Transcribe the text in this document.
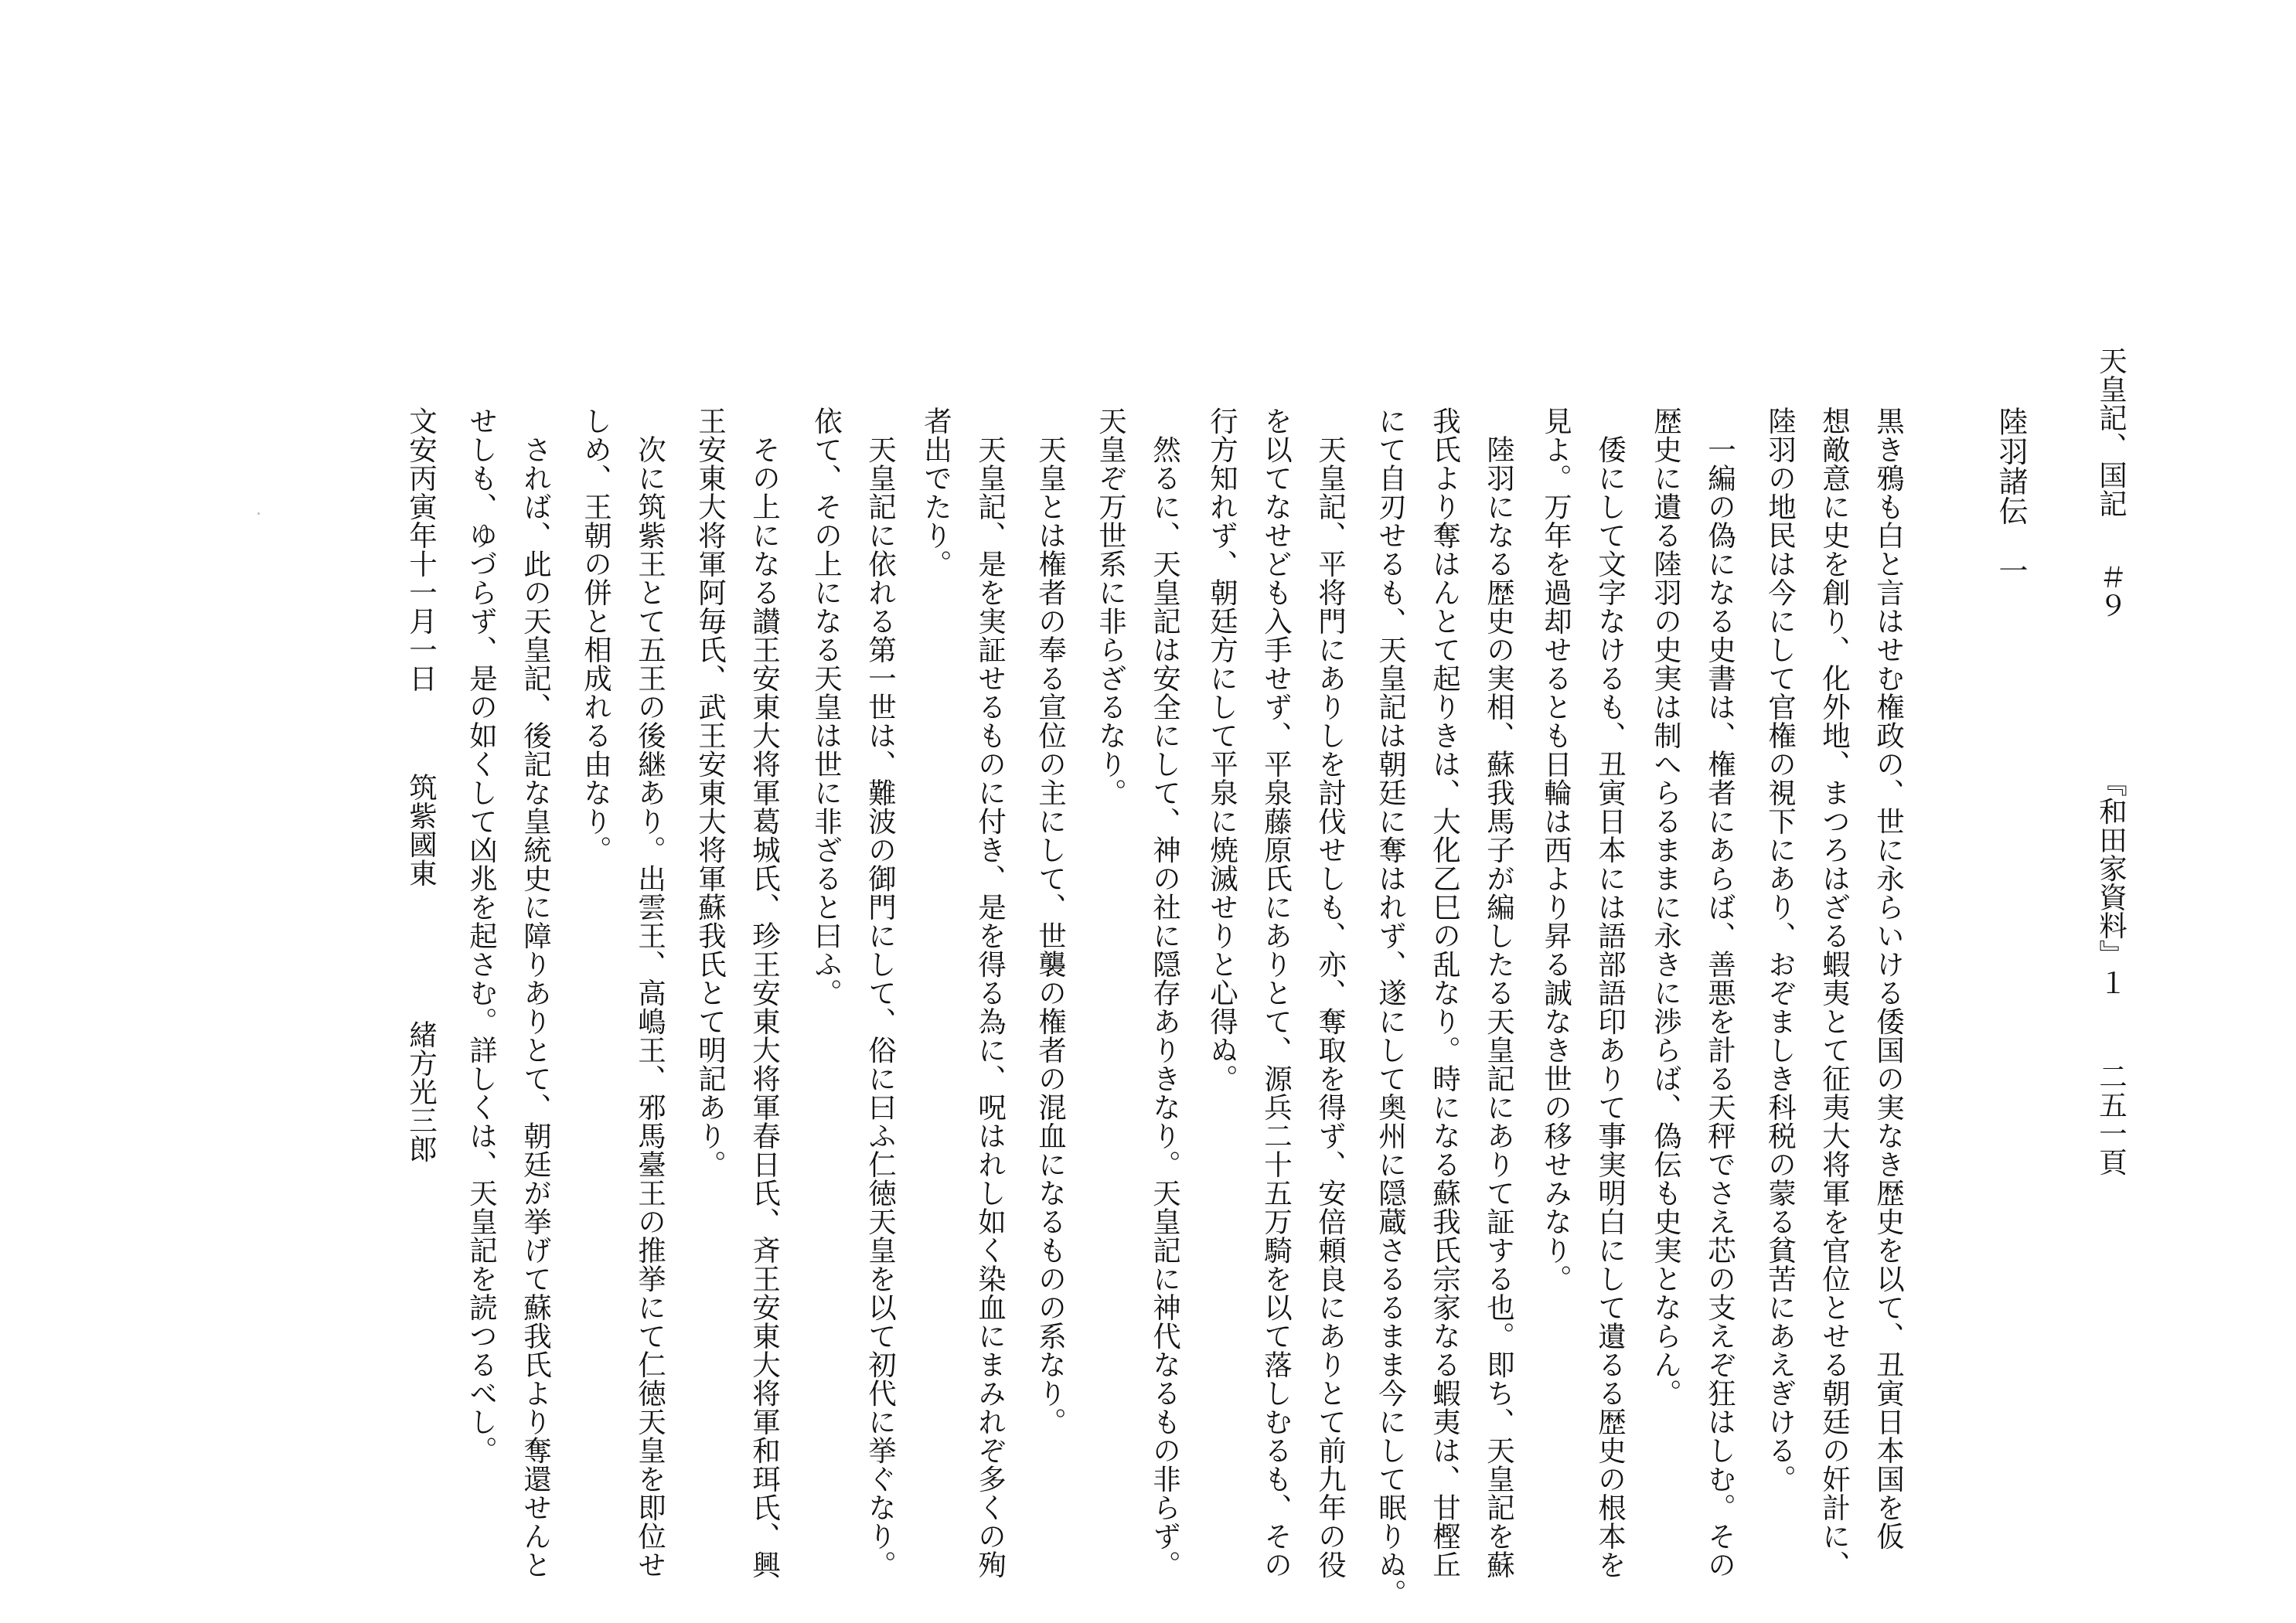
天皇記、国記
＃９
『和田家資料』１
二五一頁
陸羽諸伝　一
黒き鴉も白と言はせむ権政の、世に永らいける倭国の実なき歴史を以て、丑寅日本国を仮
想敵意に史を創り、化外地、まつろはざる蝦夷とて征夷大将軍を官位とせる朝廷の奸計に、
陸羽の地民は今にして官権の視下にあり、おぞましき科税の蒙る貧苦にあえぎける。
　一編の偽になる史書は、権者にあらば、善悪を計る天秤でさえ芯の支えぞ狂はしむ。その
歴史に遺る陸羽の史実は制へらるままに永きに渉らば、偽伝も史実とならん。
　倭にして文字なけるも、丑寅日本には語部語印ありて事実明白にして遺るる歴史の根本を
見よ。万年を過却せるとも日輪は西より昇る誠なき世の移せみなり。
　陸羽になる歴史の実相、蘇我馬子が編したる天皇記にありて証する也。即ち、天皇記を蘇
我氏より奪はんとて起りきは、大化乙巳の乱なり。時になる蘇我氏宗家なる蝦夷は、甘樫丘
にて自刃せるも、天皇記は朝廷に奪はれず、遂にして奥州に隠蔵さるるまま今にして眠りぬ。
　天皇記、平将門にありしを討伐せしも、亦、奪取を得ず、安倍頼良にありとて前九年の役
を以てなせども入手せず、平泉藤原氏にありとて、源兵二十五万騎を以て落しむるも、その
行方知れず、朝廷方にして平泉に焼滅せりと心得ぬ。
　然るに、天皇記は安全にして、神の社に隠存ありきなり。天皇記に神代なるもの非らず。
天皇ぞ万世系に非らざるなり。
　天皇とは権者の奉る宣位の主にして、世襲の権者の混血になるものの系なり。
　天皇記、是を実証せるものに付き、是を得る為に、呪はれし如く染血にまみれぞ多くの殉
者出でたり。
　天皇記に依れる第一世は、難波の御門にして、俗に曰ふ仁徳天皇を以て初代に挙ぐなり。
依て、その上になる天皇は世に非ざると曰ふ。
　その上になる讃王安東大将軍葛城氏、珍王安東大将軍春日氏、斉王安東大将軍和珥氏、興
王安東大将軍阿毎氏、武王安東大将軍蘇我氏とて明記あり。
　次に筑紫王とて五王の後継あり。出雲王、高嶋王、邪馬臺王の推挙にて仁徳天皇を即位せ
しめ、王朝の併と相成れる由なり。
　されば、此の天皇記、後記な皇統史に障りありとて、朝廷が挙げて蘇我氏より奪還せんと
せしも、ゆづらず、是の如くして凶兆を起さむ。詳しくは、天皇記を読つるべし。
文安丙寅年十一月一日
筑紫國東
緒方光三郎
